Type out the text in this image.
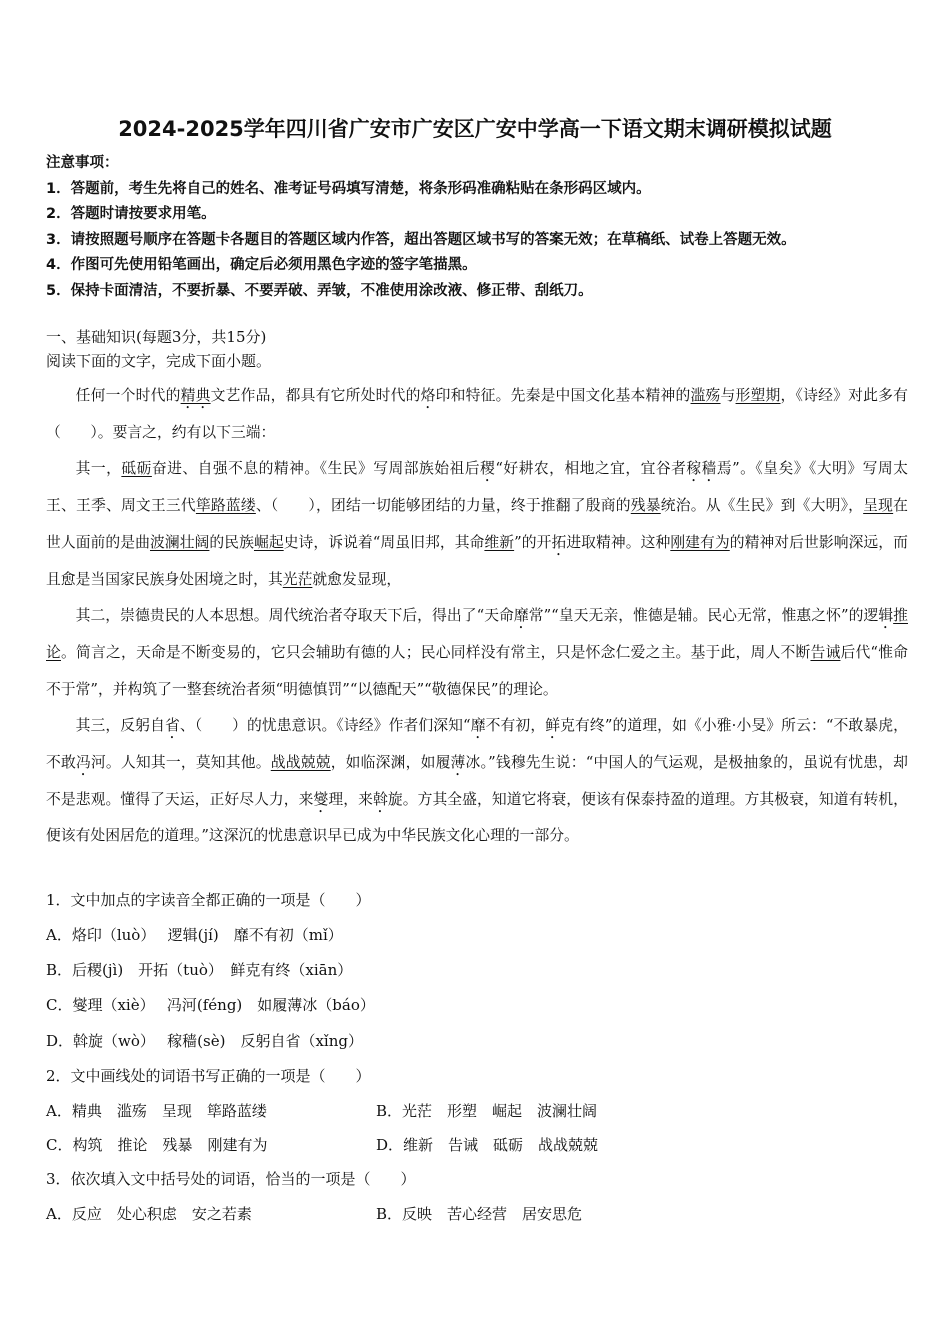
2024-2025学年四川省广安市广安区广安中学高一下语文期末调研模拟试题
注意事项：
1．答题前，考生先将自己的姓名、准考证号码填写清楚，将条形码准确粘贴在条形码区域内。
2．答题时请按要求用笔。
3．请按照题号顺序在答题卡各题目的答题区域内作答，超出答题区域书写的答案无效；在草稿纸、试卷上答题无效。
4．作图可先使用铅笔画出，确定后必须用黑色字迹的签字笔描黑。
5．保持卡面清洁，不要折暴、不要弄破、弄皱，不准使用涂改液、修正带、刮纸刀。
一、基础知识(每题3分，共15分)
阅读下面的文字，完成下面小题。

任何一个时代的精典文艺作品，都具有它所处时代的烙印和特征。先秦是中国文化基本精神的滥殇与形塑期，《诗经》对此多有（　　）。要言之，约有以下三端：

其一，砥砺奋进、自强不息的精神。《生民》写周部族始祖后稷“好耕农，相地之宜，宜谷者稼穑焉”。《皇矣》《大明》写周太王、王季、周文王三代筚路蓝缕、（　　），团结一切能够团结的力量，终于推翻了殷商的残暴统治。从《生民》到《大明》，呈现在世人面前的是曲波澜壮阔的民族崛起史诗，诉说着“周虽旧邦，其命维新”的开拓进取精神。这种刚建有为的精神对后世影响深远，而且愈是当国家民族身处困境之时，其光茫就愈发显现，

其二，崇德贵民的人本思想。周代统治者夺取天下后，得出了“天命靡常”“皇天无亲，惟德是辅。民心无常，惟惠之怀”的逻辑推论。简言之，天命是不断变易的，它只会辅助有德的人；民心同样没有常主，只是怀念仁爱之主。基于此，周人不断告诫后代“惟命不于常”，并构筑了一整套统治者须“明德慎罚”“以德配天”“敬德保民”的理论。

其三，反躬自省、（　　）的忧患意识。《诗经》作者们深知“靡不有初，鲜克有终”的道理，如《小雅·小旻》所云：“不敢暴虎，不敢冯河。人知其一，莫知其他。战战兢兢，如临深渊，如履薄冰。”钱穆先生说：“中国人的气运观，是极抽象的，虽说有忧患，却不是悲观。懂得了天运，正好尽人力，来燮理，来斡旋。方其全盛，知道它将衰，便该有保泰持盈的道理。方其极衰，知道有转机，便该有处困居危的道理。”这深沉的忧患意识早已成为中华民族文化心理的一部分。

1．文中加点的字读音全都正确的一项是（　　）
A．烙印（luò）　 逻辑(jí)　靡不有初（mǐ）
B．后稷(jì)　开拓（tuò）　鲜克有终（xiān）
C．燮理（xiè）　 冯河(féng)　如履薄冰（báo）
D．斡旋（wò）　 稼穑(sè)　反躬自省（xǐng）
2．文中画线处的词语书写正确的一项是（　　）
A．精典　滥殇　呈现　筚路蓝缕	B．光茫　形塑　崛起　波澜壮阔
C．构筑　推论　残暴　刚建有为	D．维新　告诫　砥砺　战战兢兢
3．依次填入文中括号处的词语，恰当的一项是（　　）
A．反应　处心积虑　安之若素	B．反映　苦心经营　居安思危
